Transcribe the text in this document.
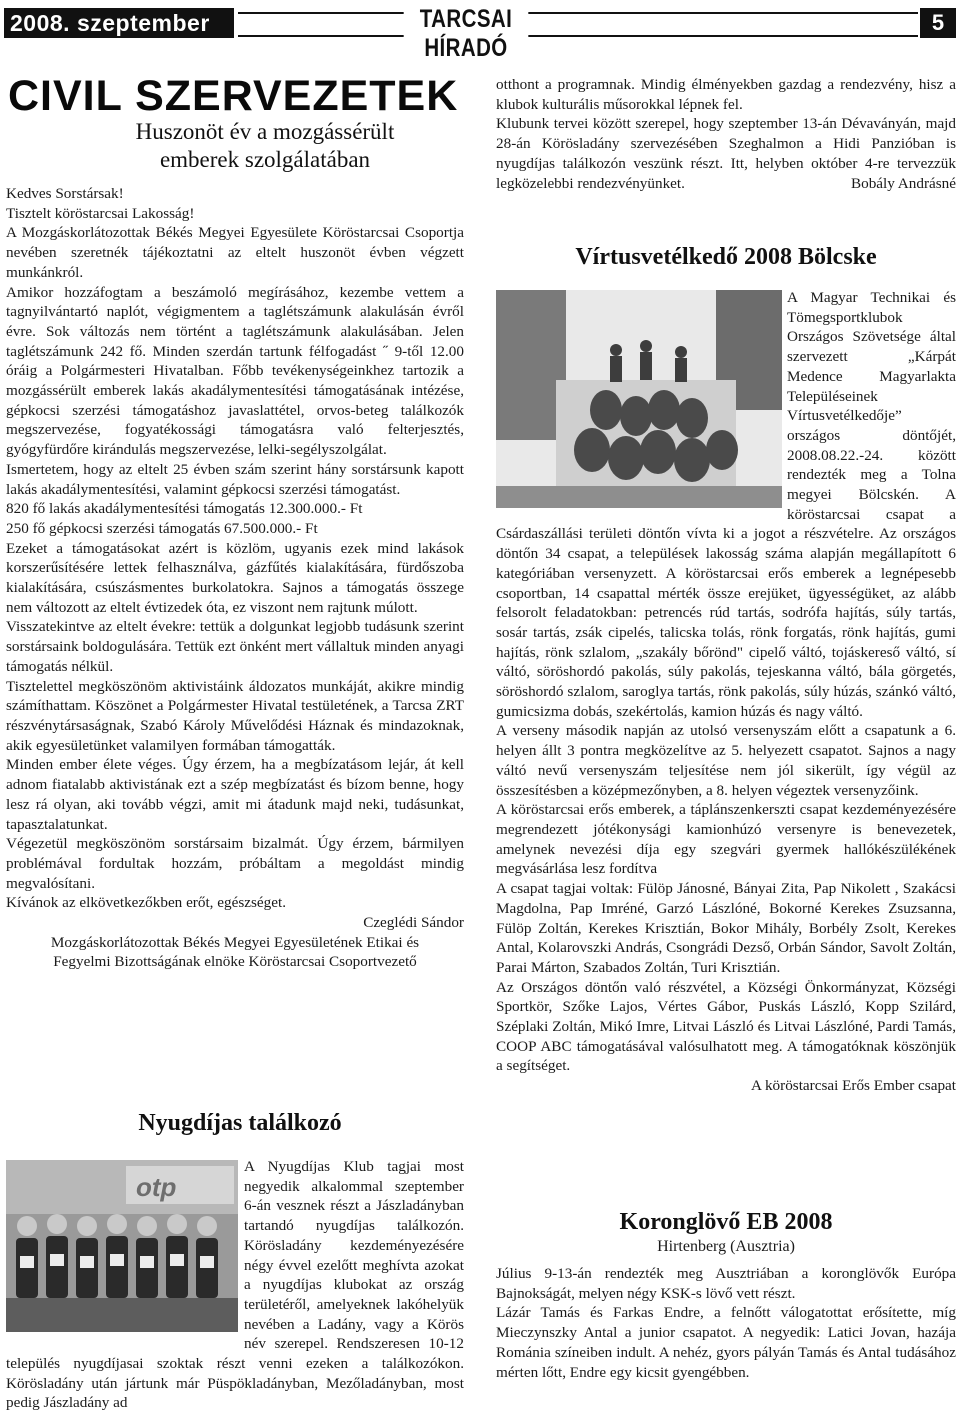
2008. szeptember	TARCSAI HÍRADÓ
5
CIVIL SZERVEZETEK
Huszonöt év a mozgássérült
emberek szolgálatában

Kedves Sorstársak!

Tisztelt köröstarcsai Lakosság!

A Mozgáskorlátozottak Békés Megyei Egyesülete Köröstarcsai Csoportja nevében szeretnék tájékoztatni az eltelt huszonöt évben végzett munkánkról.

Amikor hozzáfogtam a beszámoló megírásához, kezembe vettem a tagnyilvántartó naplót, végigmentem a taglétszámunk alakulásán évről évre. Sok változás nem történt a taglétszámunk alakulásában. Jelen taglétszámunk 242 fő. Minden szerdán tartunk félfogadást ˝ 9-től 12.00 óráig a Polgármesteri Hivatalban. Főbb tevékenységeinkhez tartozik a mozgássérült emberek lakás akadálymentesítési támogatásának intézése, gépkocsi szerzési támogatáshoz javaslattétel, orvos-beteg találkozók megszervezése, fogyatékossági támogatásra való felterjesztés, gyógyfürdőre kirándulás megszervezése, lelki-segélyszolgálat.

Ismertetem, hogy az eltelt 25 évben szám szerint hány sorstársunk kapott lakás akadálymentesítési, valamint gépkocsi szerzési támogatást.

820 fő lakás akadálymentesítési támogatás 12.300.000.- Ft

250 fő gépkocsi szerzési támogatás 67.500.000.- Ft

Ezeket a támogatásokat azért is közlöm, ugyanis ezek mind lakások korszerűsítésére lettek felhasználva, gázfűtés kialakítására, fürdőszoba kialakítására, csúszásmentes burkolatokra. Sajnos a támogatás összege nem változott az eltelt évtizedek óta, ez viszont nem rajtunk múlott.

Visszatekintve az eltelt évekre: tettük a dolgunkat legjobb tudásunk szerint sorstársaink boldogulására. Tettük ezt önként mert vállaltuk minden anyagi támogatás nélkül.

Tisztelettel megköszönöm aktivistáink áldozatos munkáját, akikre mindig számíthattam. Köszönet a Polgármester Hivatal testületének, a Tarcsa ZRT részvénytársaságnak, Szabó Károly Művelődési Háznak és mindazoknak, akik egyesületünket valamilyen formában támogatták.

Minden ember élete véges. Úgy érzem, ha a megbízatásom lejár, át kell adnom fiatalabb aktivistának ezt a szép megbízatást és bízom benne, hogy lesz rá olyan, aki tovább végzi, amit mi átadunk majd neki, tudásunkat, tapasztalatunkat.

Végezetül megköszönöm sorstársaim bizalmát. Úgy érzem, bármilyen problémával fordultak hozzám, próbáltam a megoldást mindig megvalósítani.

Kívánok az elkövetkezőkben erőt, egészséget.

Czeglédi Sándor

Mozgáskorlátozottak Békés Megyei Egyesületének Etikai és
Fegyelmi Bizottságának elnöke Köröstarcsai Csoportvezető

Nyugdíjas találkozó
otp

A Nyugdíjas Klub tagjai most negyedik alkalommal szeptember 6-án vesznek részt a Jászladányban tartandó nyugdíjas találkozón. Körösladány kezdeményezésére négy évvel ezelőtt meghívta azokat a nyugdíjas klubokat az ország területéről, amelyeknek lakóhelyük nevében a Ladány, vagy a Körös név szerepel. Rendszeresen 10-12 település nyugdíjasai szoktak részt venni ezeken a találkozókon. Körösladány után jártunk már Püspökladányban, Mezőladányban, most pedig Jászladány ad

otthont a programnak. Mindig élményekben gazdag a rendezvény, hisz a klubok kulturális műsorokkal lépnek fel.

Klubunk tervei között szerepel, hogy szeptember 13-án Dévaványán, majd 28-án Körösladány szervezésében Szeghalmon a Hidi Panzióban is nyugdíjas találkozón veszünk részt. Itt, helyben október 4-re tervezzük legközelebbi rendezvényünket.	Bobály Andrásné

Vírtusvetélkedő 2008 Bölcske

A Magyar Technikai és Tömegsportklubok Országos Szövetsége által szervezett „Kárpát Medence Magyarlakta Településeinek Vírtusvetélkedője” országos döntőjét, 2008.08.22.-24. között rendezték meg a Tolna megyei Bölcskén. A köröstarcsai csapat a Csárdaszállási területi döntőn vívta ki a jogot a részvételre. Az országos döntőn 34 csapat, a települések lakosság száma alapján megállapított 6 kategóriában versenyzett. A köröstarcsai erős emberek a legnépesebb csoportban, 14 csapattal mérték össze erejüket, ügyességüket, az alább felsorolt feladatokban: petrencés rúd tartás, sodrófa hajítás, súly tartás, sosár tartás, zsák cipelés, talicska tolás, rönk forgatás, rönk hajítás, gumi hajítás, rönk szlalom, „szakály bőrönd" cipelő váltó, tojáskereső váltó, sí váltó, söröshordó pakolás, súly pakolás, tejeskanna váltó, bála görgetés, söröshordó szlalom, saroglya tartás, rönk pakolás, súly húzás, szánkó váltó, gumicsizma dobás, szekértolás, kamion húzás és nagy váltó.

A verseny második napján az utolsó versenyszám előtt a csapatunk a 6. helyen állt 3 pontra megközelítve az 5. helyezett csapatot. Sajnos a nagy váltó nevű versenyszám teljesítése nem jól sikerült, így végül az összesítésben a középmezőnyben, a 8. helyen végeztek versenyzőink.

A köröstarcsai erős emberek, a táplánszenkerszti csapat kezdeményezésére megrendezett jótékonysági kamionhúzó versenyre is benevezetek, amelynek nevezési díja egy szegvári gyermek hallókészülékének megvásárlása lesz fordítva

A csapat tagjai voltak: Fülöp Jánosné, Bányai Zita, Pap Nikolett , Szakácsi Magdolna, Pap Imréné, Garzó Lászlóné, Bokorné Kerekes Zsuzsanna, Fülöp Zoltán, Kerekes Krisztián, Bokor Mihály, Borbély Zsolt, Kerekes Antal, Kolarovszki András, Csongrádi Dezső, Orbán Sándor, Savolt Zoltán, Parai Márton, Szabados Zoltán, Turi Krisztián.

Az Országos döntőn való részvétel, a Községi Önkormányzat, Községi Sportkör, Szőke Lajos, Vértes Gábor, Puskás László, Kopp Szilárd, Széplaki Zoltán, Mikó Imre, Litvai László és Litvai Lászlóné, Pardi Tamás, COOP ABC támogatásával valósulhatott meg. A támogatóknak köszönjük a segítséget.

A köröstarcsai Erős Ember csapat

Koronglövő EB 2008

Hirtenberg (Ausztria)

Július 9-13-án rendezték meg Ausztriában a koronglövők Európa Bajnokságát, melyen négy KSK-s lövő vett részt.

Lázár Tamás és Farkas Endre, a felnőtt válogatottat erősítette, míg Mieczynszky Antal a junior csapatot. A negyedik: Latici Jovan, hazája Románia színeiben indult. A nehéz, gyors pályán Tamás és Antal tudásához mérten lőtt, Endre egy kicsit gyengébben.
